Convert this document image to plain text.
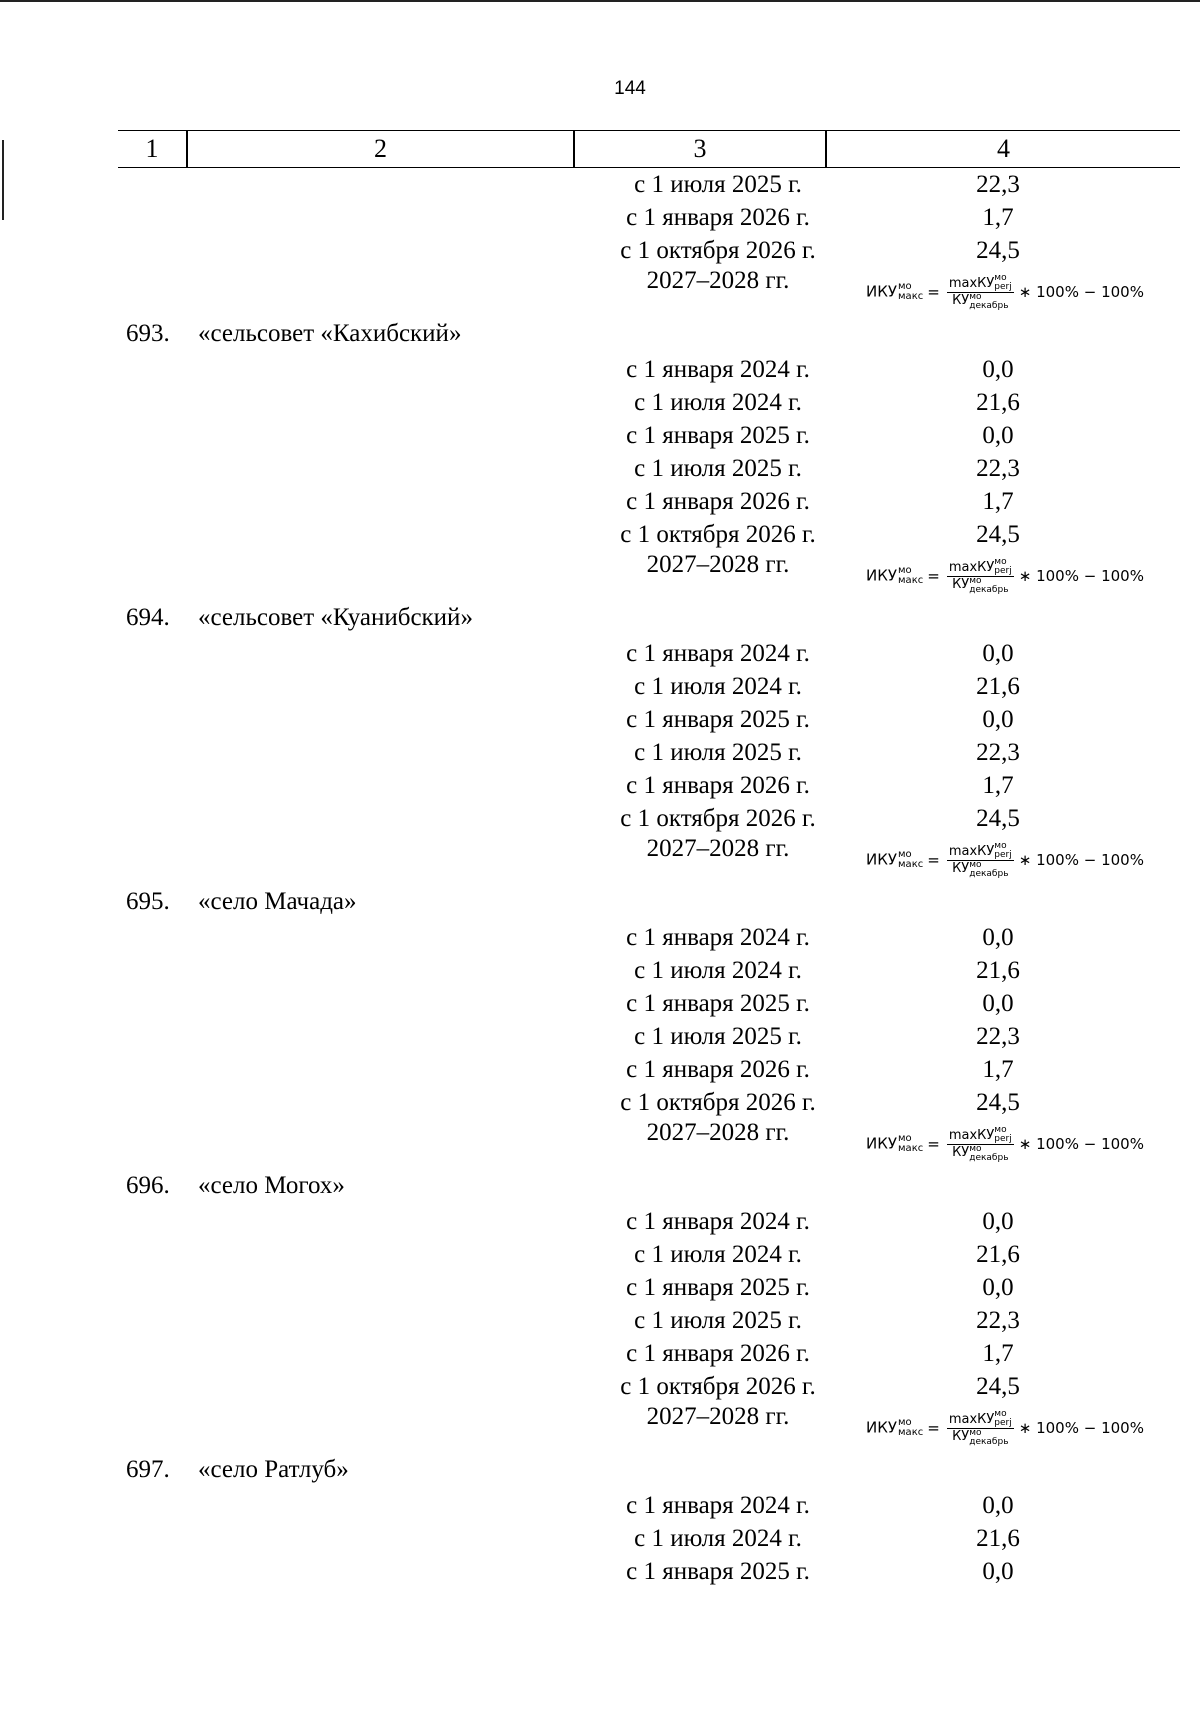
144
1	2	3	4
с 1 июля 2025 г.	22,3
с 1 января 2026 г.	1,7
с 1 октября 2026 г.	24,5
2027–2028 гг.	ИКУ мо
макс = maxКУ мо
perj
КУ мо
декабрь ∗ 100% − 100%
693. «сельсовет «Кахибский»
с 1 января 2024 г.	0,0
с 1 июля 2024 г.	21,6
с 1 января 2025 г.	0,0
с 1 июля 2025 г.	22,3
с 1 января 2026 г.	1,7
с 1 октября 2026 г.	24,5
2027–2028 гг.	ИКУ мо
макс = maxКУ мо
perj
КУ мо
декабрь ∗ 100% − 100%
694. «сельсовет «Куанибский»
с 1 января 2024 г.	0,0
с 1 июля 2024 г.	21,6
с 1 января 2025 г.	0,0
с 1 июля 2025 г.	22,3
с 1 января 2026 г.	1,7
с 1 октября 2026 г.	24,5
2027–2028 гг.	ИКУ мо
макс = maxКУ мо
perj
КУ мо
декабрь ∗ 100% − 100%
695. «село Мачада»
с 1 января 2024 г.	0,0
с 1 июля 2024 г.	21,6
с 1 января 2025 г.	0,0
с 1 июля 2025 г.	22,3
с 1 января 2026 г.	1,7
с 1 октября 2026 г.	24,5
2027–2028 гг.	ИКУ мо
макс = maxКУ мо
perj
КУ мо
декабрь ∗ 100% − 100%
696. «село Могох»
с 1 января 2024 г.	0,0
с 1 июля 2024 г.	21,6
с 1 января 2025 г.	0,0
с 1 июля 2025 г.	22,3
с 1 января 2026 г.	1,7
с 1 октября 2026 г.	24,5
2027–2028 гг.	ИКУ мо
макс = maxКУ мо
perj
КУ мо
декабрь ∗ 100% − 100%
697. «село Ратлуб»
с 1 января 2024 г.	0,0
с 1 июля 2024 г.	21,6
с 1 января 2025 г.	0,0
